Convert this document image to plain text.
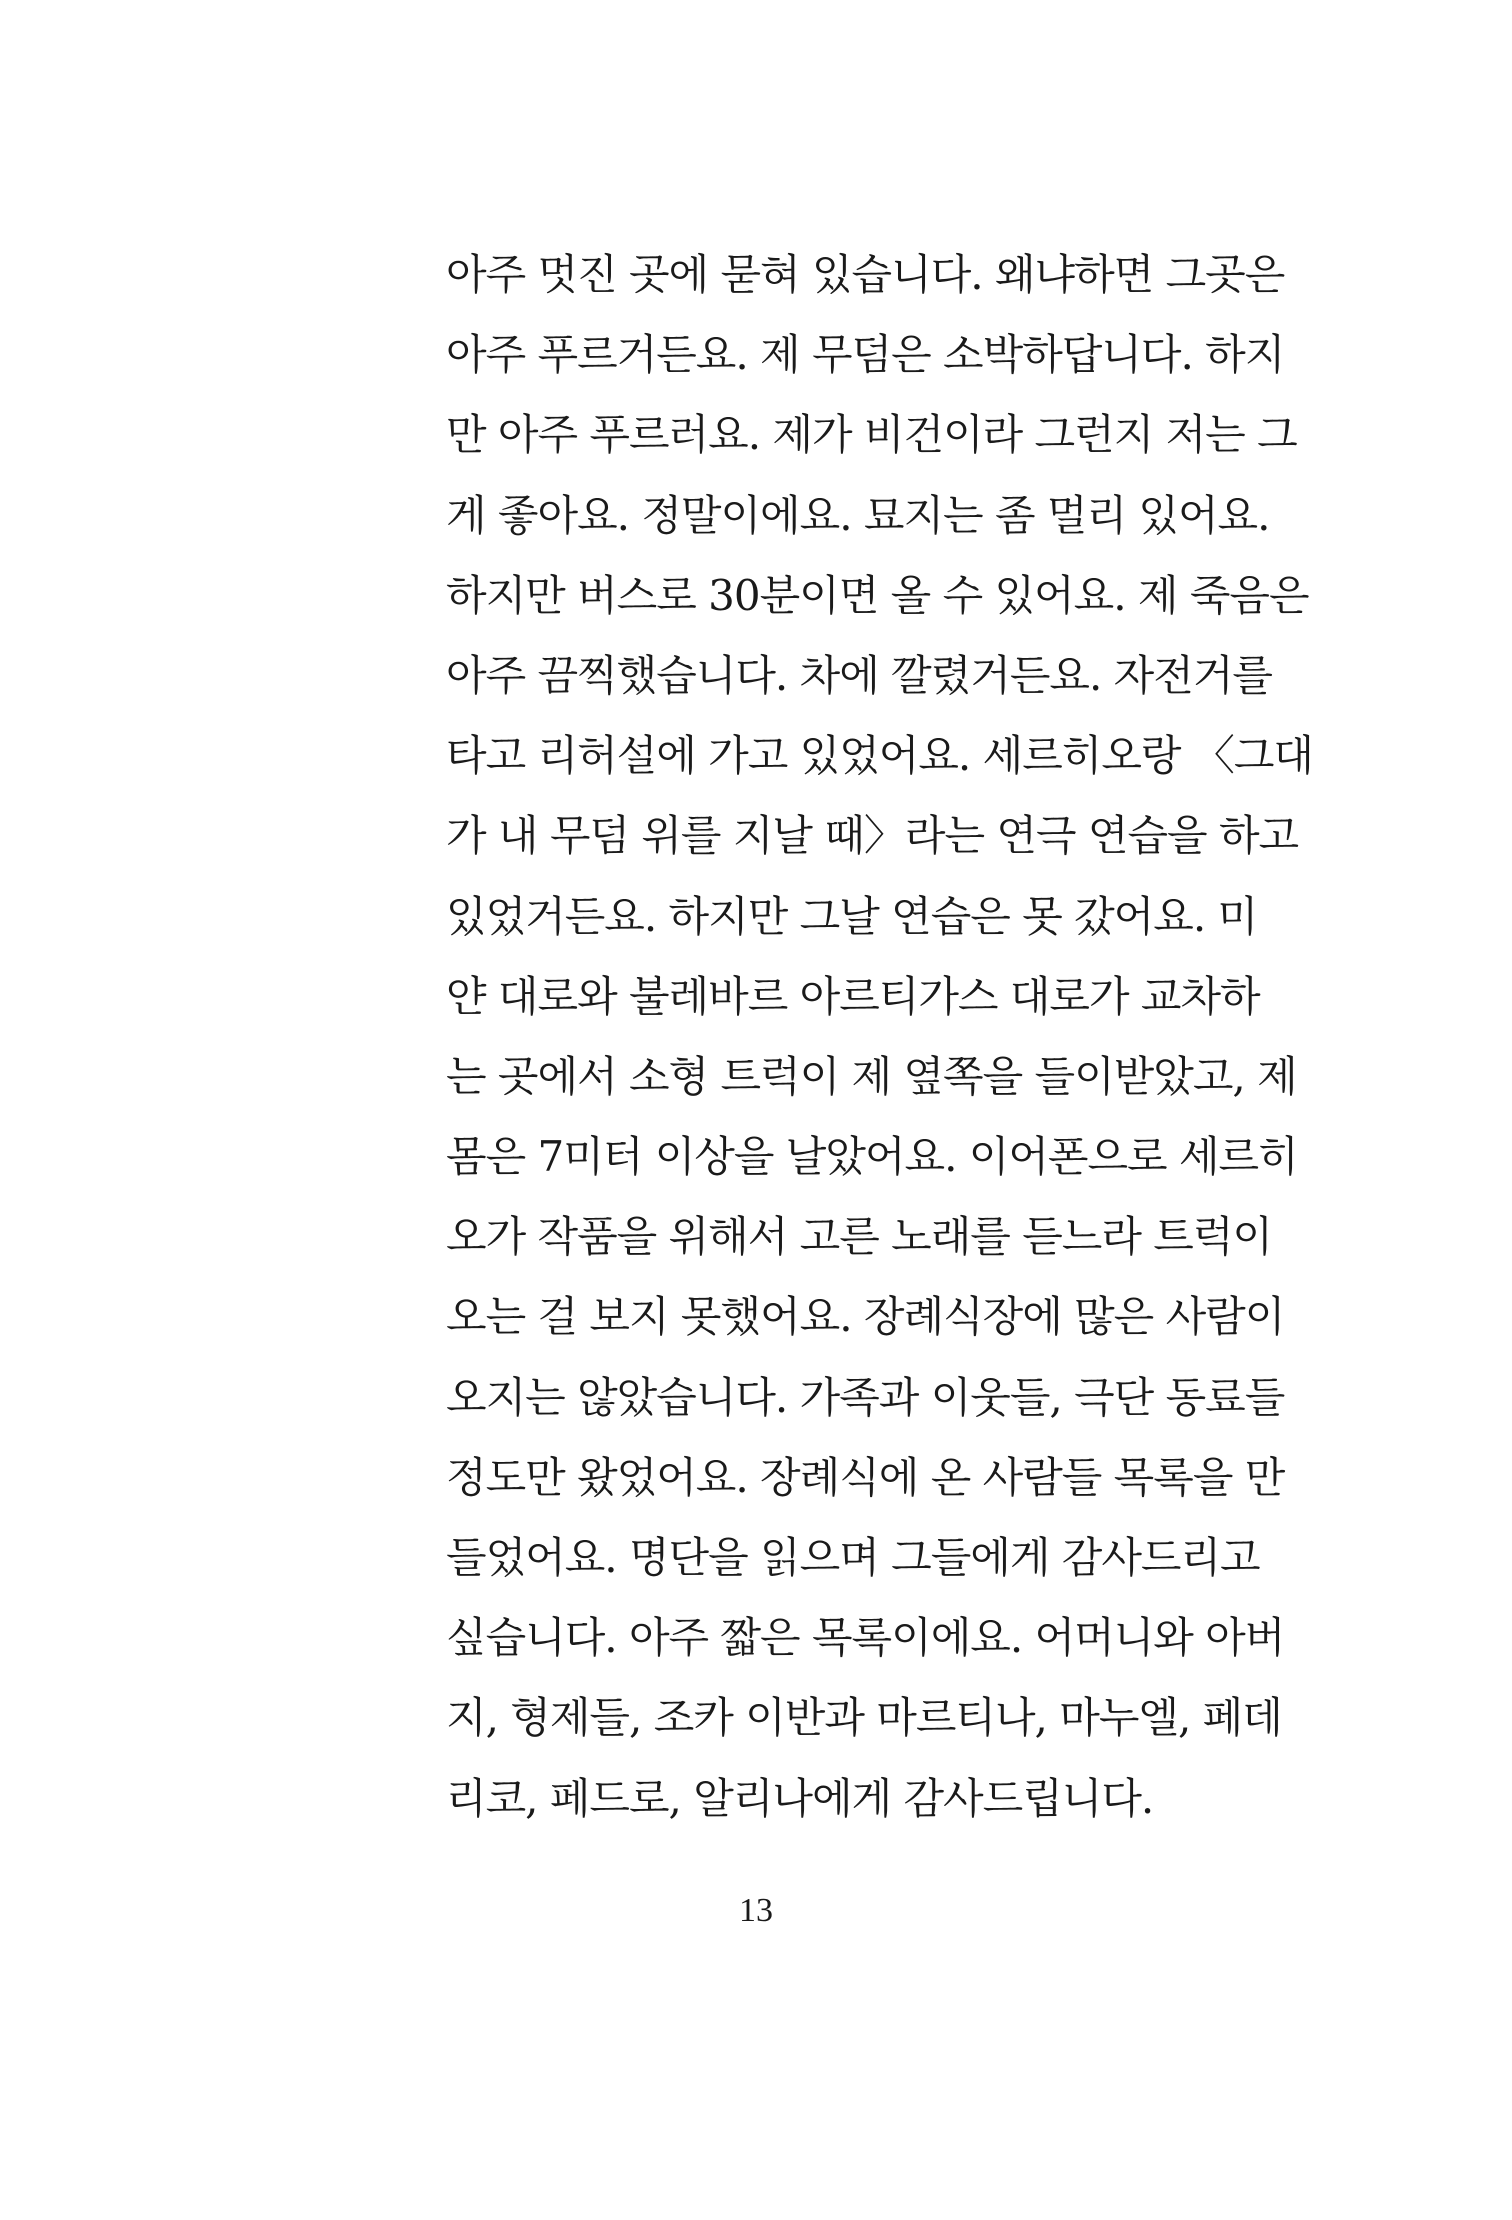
아주 멋진 곳에 묻혀 있습니다. 왜냐하면 그곳은
아주 푸르거든요. 제 무덤은 소박하답니다. 하지
만 아주 푸르러요. 제가 비건이라 그런지 저는 그
게 좋아요. 정말이에요. 묘지는 좀 멀리 있어요.
하지만 버스로 30분이면 올 수 있어요. 제 죽음은
아주 끔찍했습니다. 차에 깔렸거든요. 자전거를
타고 리허설에 가고 있었어요. 세르히오랑 〈그대
가 내 무덤 위를 지날 때〉라는 연극 연습을 하고
있었거든요. 하지만 그날 연습은 못 갔어요. 미
얀 대로와 불레바르 아르티가스 대로가 교차하
는 곳에서 소형 트럭이 제 옆쪽을 들이받았고, 제
몸은 7미터 이상을 날았어요. 이어폰으로 세르히
오가 작품을 위해서 고른 노래를 듣느라 트럭이
오는 걸 보지 못했어요. 장례식장에 많은 사람이
오지는 않았습니다. 가족과 이웃들, 극단 동료들
정도만 왔었어요. 장례식에 온 사람들 목록을 만
들었어요. 명단을 읽으며 그들에게 감사드리고
싶습니다. 아주 짧은 목록이에요. 어머니와 아버
지, 형제들, 조카 이반과 마르티나, 마누엘, 페데
리코, 페드로, 알리나에게 감사드립니다.
13
